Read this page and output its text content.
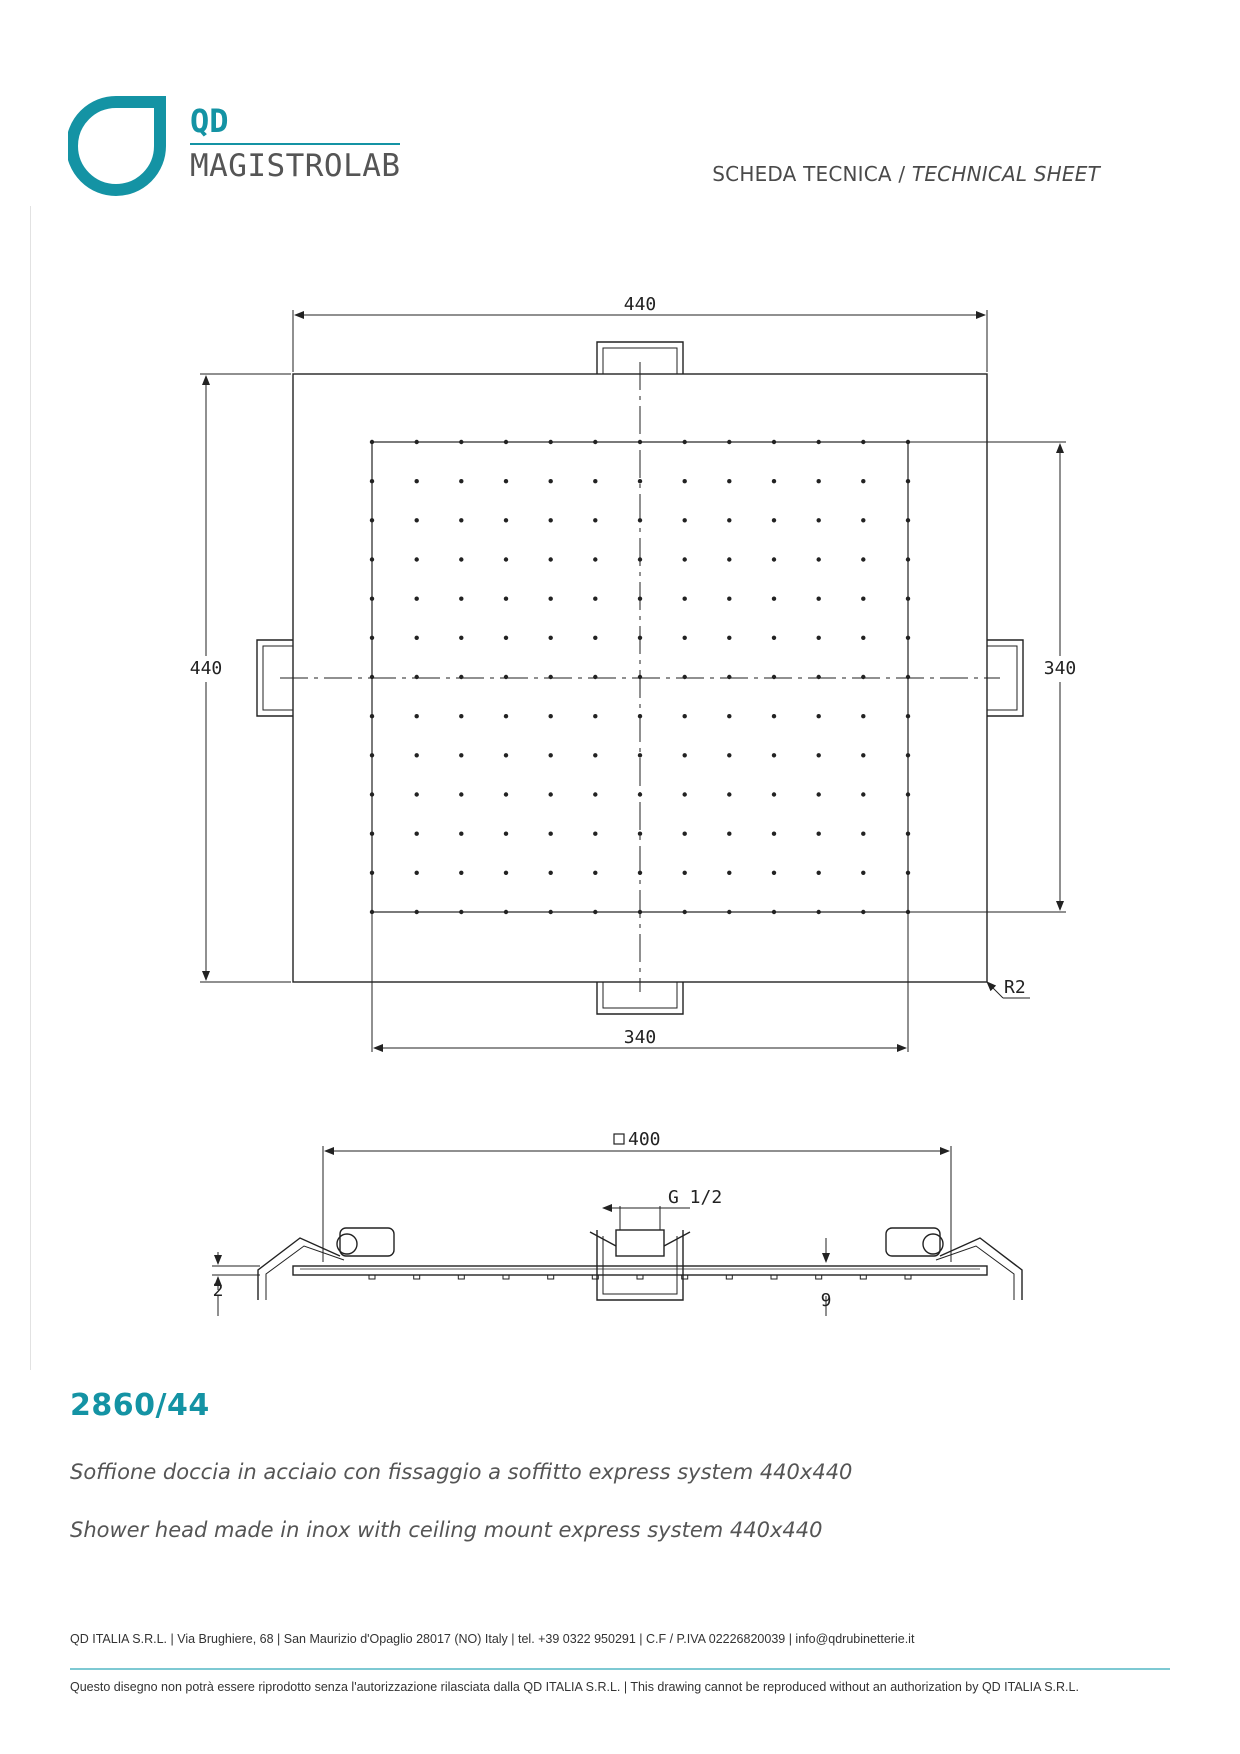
QD
MAGISTROLAB	SCHEDA TECNICA / TECHNICAL SHEET
440
440	340
340
R2
400
G 1/2
2	9
2860/44
Soffione doccia in acciaio con fissaggio a soffitto express system 440x440
Shower head made in inox with ceiling mount express system 440x440
QD ITALIA S.R.L. | Via Brughiere, 68 | San Maurizio d'Opaglio 28017 (NO) Italy | tel. +39 0322 950291 | C.F / P.IVA 02226820039 | info@qdrubinetterie.it
Questo disegno non potrà essere riprodotto senza l'autorizzazione rilasciata dalla QD ITALIA S.R.L. | This drawing cannot be reproduced without an authorization by QD ITALIA S.R.L.
